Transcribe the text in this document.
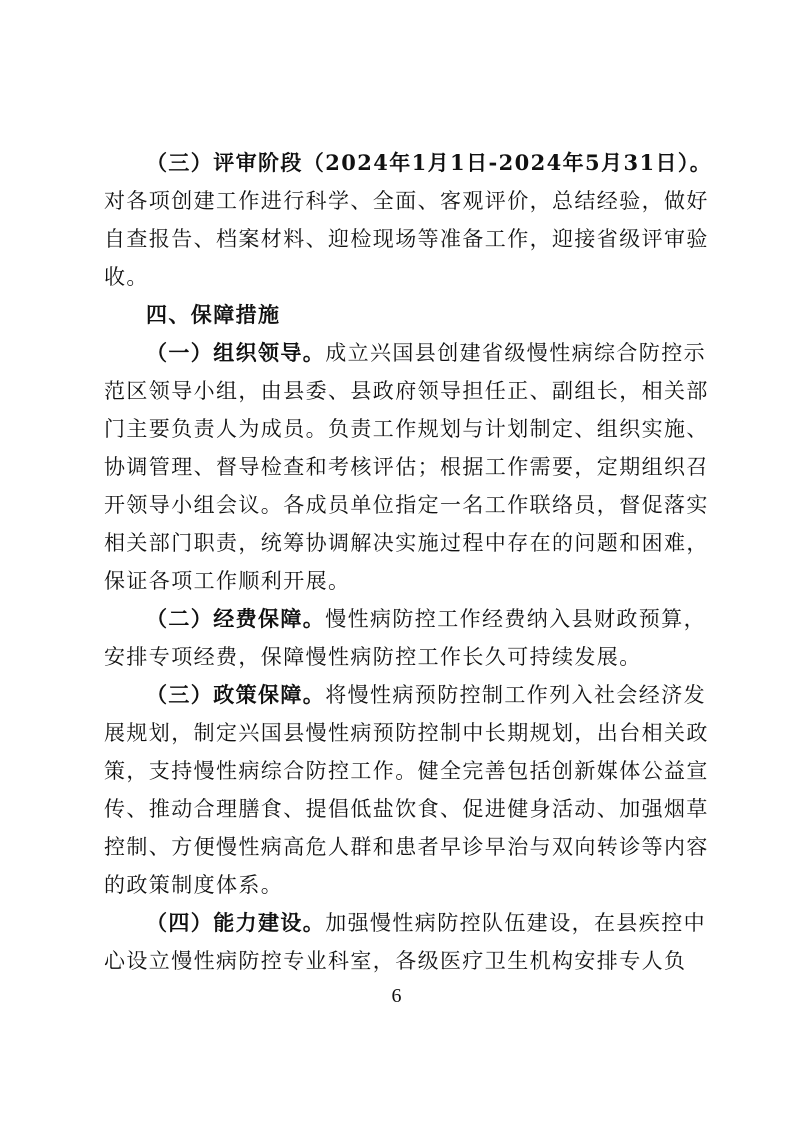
（三）评审阶段（2024年1月1日-2024年5月31日）。
对各项创建工作进行科学、全面、客观评价，总结经验，做好
自查报告、档案材料、迎检现场等准备工作，迎接省级评审验
收。
四、保障措施
（一）组织领导。成立兴国县创建省级慢性病综合防控示
范区领导小组，由县委、县政府领导担任正、副组长，相关部
门主要负责人为成员。负责工作规划与计划制定、组织实施、
协调管理、督导检查和考核评估；根据工作需要，定期组织召
开领导小组会议。各成员单位指定一名工作联络员，督促落实
相关部门职责，统筹协调解决实施过程中存在的问题和困难，
保证各项工作顺利开展。
（二）经费保障。慢性病防控工作经费纳入县财政预算，
安排专项经费，保障慢性病防控工作长久可持续发展。
（三）政策保障。将慢性病预防控制工作列入社会经济发
展规划，制定兴国县慢性病预防控制中长期规划，出台相关政
策，支持慢性病综合防控工作。健全完善包括创新媒体公益宣
传、推动合理膳食、提倡低盐饮食、促进健身活动、加强烟草
控制、方便慢性病高危人群和患者早诊早治与双向转诊等内容
的政策制度体系。
（四）能力建设。加强慢性病防控队伍建设，在县疾控中
心设立慢性病防控专业科室，各级医疗卫生机构安排专人负
6
